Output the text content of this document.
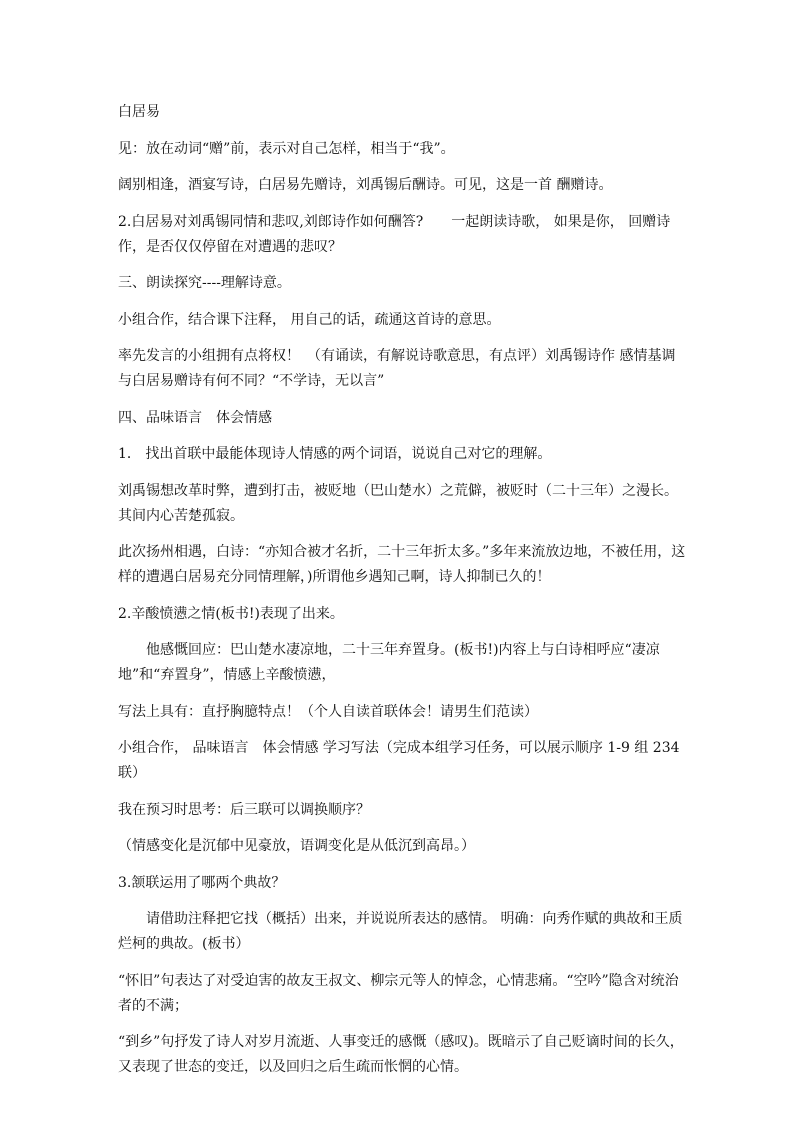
白居易

见：放在动词“赠”前，表示对自己怎样，相当于“我”。

阔别相逢，酒宴写诗，白居易先赠诗，刘禹锡后酬诗。可见，这是一首 酬赠诗。

2.白居易对刘禹锡同情和悲叹,刘郎诗作如何酬答?　　一起朗读诗歌， 如果是你， 回赠诗作，是否仅仅停留在对遭遇的悲叹？

三、朗读探究----理解诗意。

小组合作，结合课下注释， 用自己的话，疏通这首诗的意思。

率先发言的小组拥有点将权！　（有诵读，有解说诗歌意思，有点评）刘禹锡诗作 感情基调与白居易赠诗有何不同？“不学诗，无以言”

四、品味语言　体会情感

1． 找出首联中最能体现诗人情感的两个词语，说说自己对它的理解。

刘禹锡想改革时弊，遭到打击，被贬地（巴山楚水）之荒僻，被贬时（二十三年）之漫长。 其间内心苦楚孤寂。

此次扬州相遇，白诗：“亦知合被才名折，二十三年折太多。”多年来流放边地，不被任用，这样的遭遇白居易充分同情理解，)所谓他乡遇知己啊，诗人抑制已久的！

2.辛酸愤懑之情(板书!)表现了出来。

他感慨回应：巴山楚水凄凉地，二十三年弃置身。(板书!)内容上与白诗相呼应“凄凉地”和“弃置身”，情感上辛酸愤懑，

写法上具有：直抒胸臆特点！（个人自读首联体会！请男生们范读）

小组合作， 品味语言　体会情感 学习写法（完成本组学习任务，可以展示顺序 1-9 组 234 联）

我在预习时思考：后三联可以调换顺序？

（情感变化是沉郁中见豪放，语调变化是从低沉到高昂。）

3.颔联运用了哪两个典故？

请借助注释把它找（概括）出来，并说说所表达的感情。 明确：向秀作赋的典故和王质烂柯的典故。(板书）

“怀旧”句表达了对受迫害的故友王叔文、柳宗元等人的悼念，心情悲痛。“空吟”隐含对统治者的不满；

“到乡”句抒发了诗人对岁月流逝、人事变迁的感慨（感叹)。既暗示了自己贬谪时间的长久，又表现了世态的变迁，以及回归之后生疏而怅惘的心情。
